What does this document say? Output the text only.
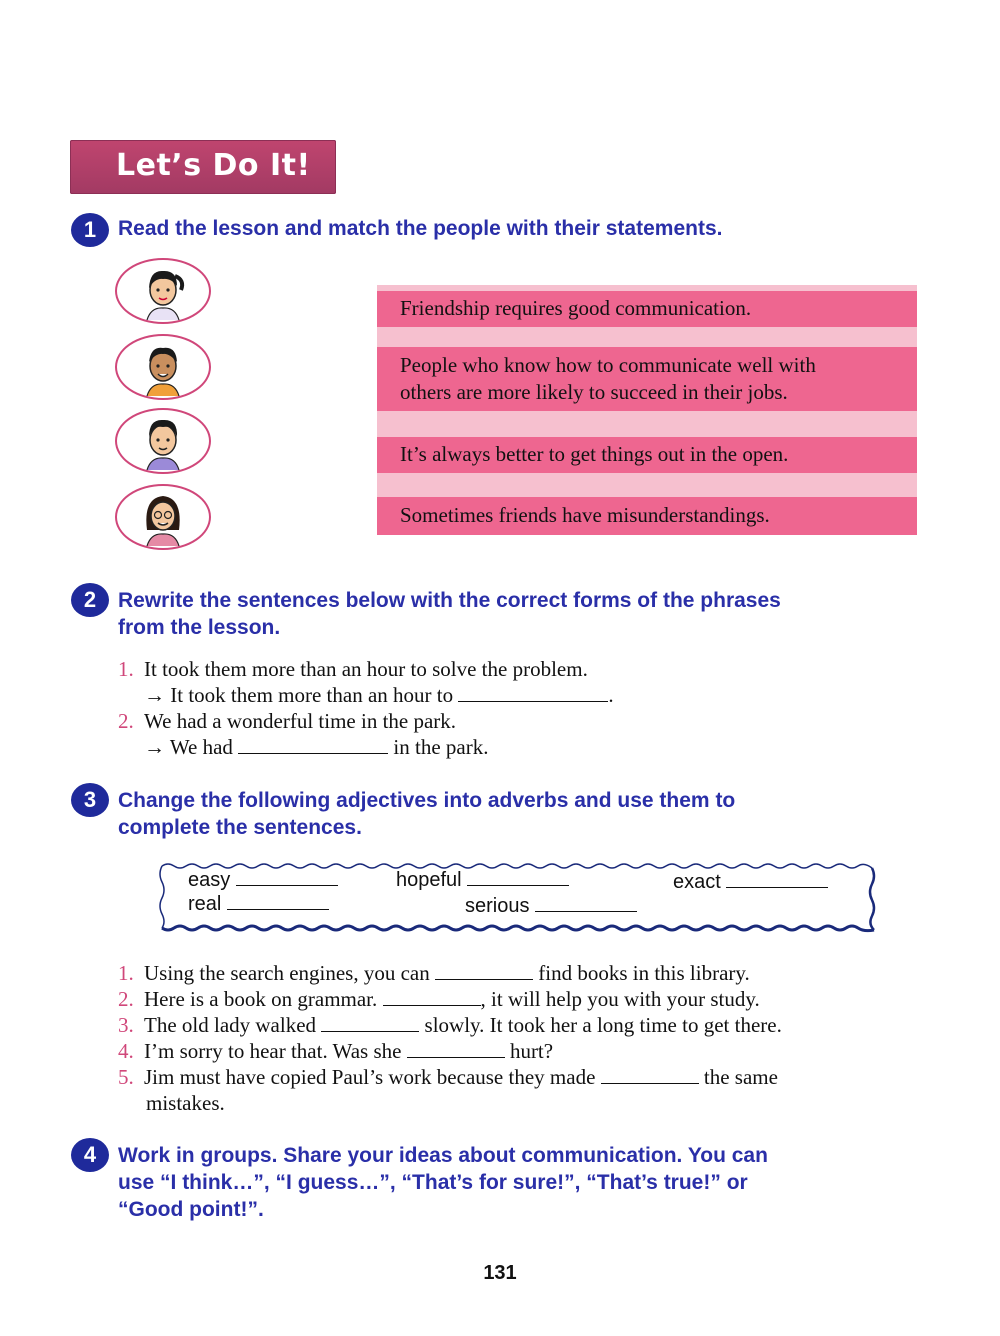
Let’s Do It!
1	Read the lesson and match the people with their statements.
Friendship requires good communication.
People who know how to communicate well with
others are more likely to succeed in their jobs.
It’s always better to get things out in the open.
Sometimes friends have misunderstandings.
2	Rewrite the sentences below with the correct forms of the phrases
from the lesson.
1. It took them more than an hour to solve the problem.
→ It took them more than an hour to	.
2. We had a wonderful time in the park.
→ We had	in the park.
3	Change the following adjectives into adverbs and use them to
complete the sentences.
easy	hopeful	exact
real	serious
1. Using the search engines, you can	find books in this library.
2. Here is a book on grammar.	, it will help you with your study.
3. The old lady walked	slowly. It took her a long time to get there.
4. I’m sorry to hear that. Was she	hurt?
5. Jim must have copied Paul’s work because they made	the same
mistakes.
4	Work in groups. Share your ideas about communication. You can
use “I think…”, “I guess…”, “That’s for sure!”, “That’s true!” or
“Good point!”.
131
